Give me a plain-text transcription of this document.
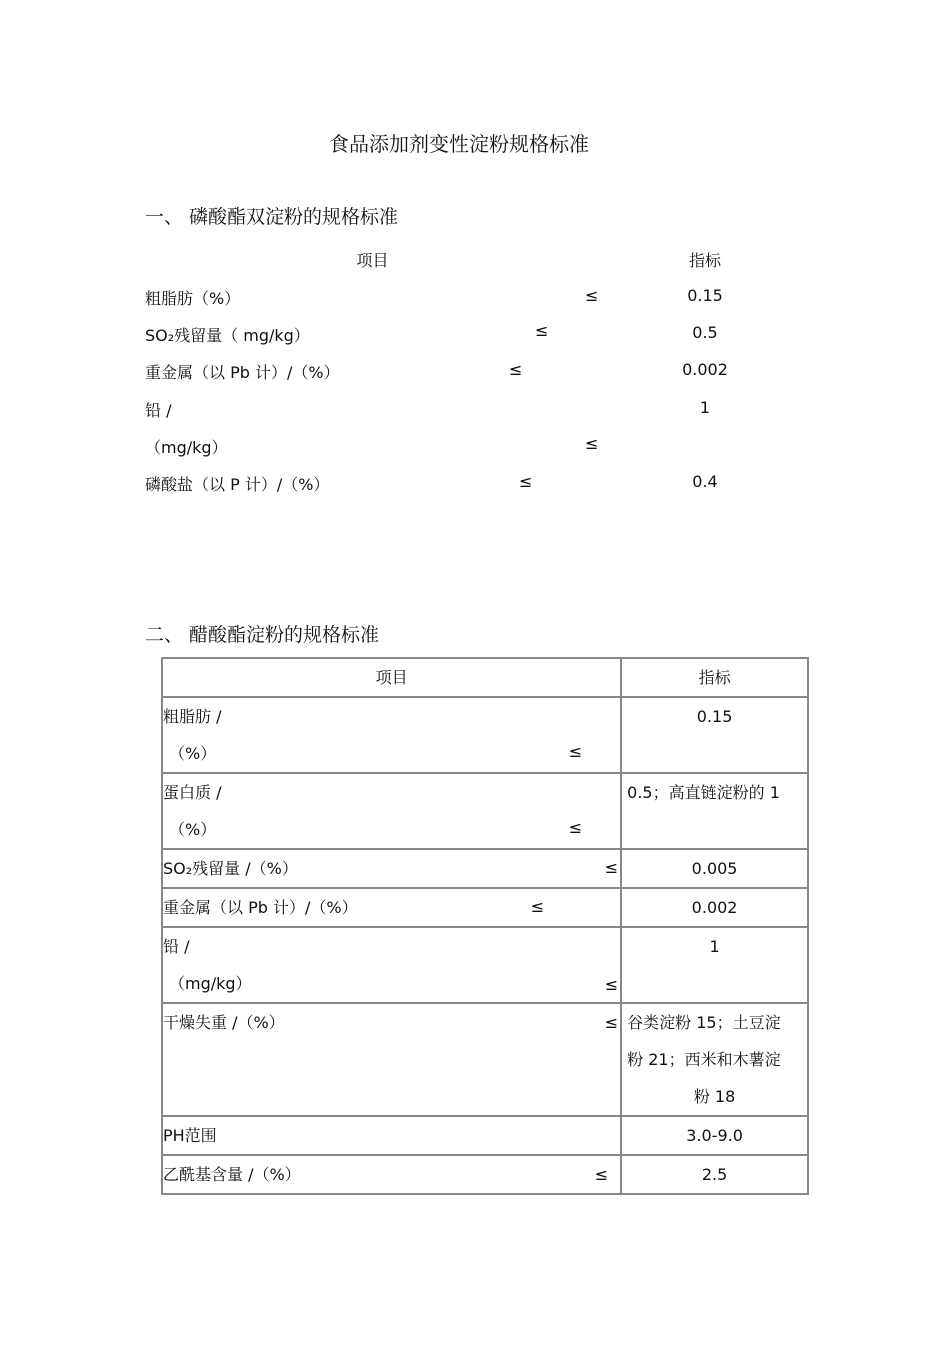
食品添加剂变性淀粉规格标准
一、 磷酸酯双淀粉的规格标准
项目	指标
粗脂肪（%）	≤	0.15
SO₂残留量（ mg/kg）	≤	0.5
重金属（以 Pb 计）/（%）	≤	0.002
铅 /	1
（mg/kg）	≤
磷酸盐（以 P 计）/（%）	≤	0.4
二、 醋酸酯淀粉的规格标准
项目	指标

粗脂肪 /
（%） ≤	0.15

蛋白质 /
（%） ≤	0.5；高直链淀粉的 1

SO₂残留量 /（%） ≤	0.005

重金属（以 Pb 计）/（%） ≤	0.002

铅 /
（mg/kg） ≤	1

干燥失重 /（%） ≤	谷类淀粉 15；土豆淀
粉 21；西米和木薯淀
粉 18

PH范围	3.0-9.0

乙酰基含量 /（%） ≤	2.5
